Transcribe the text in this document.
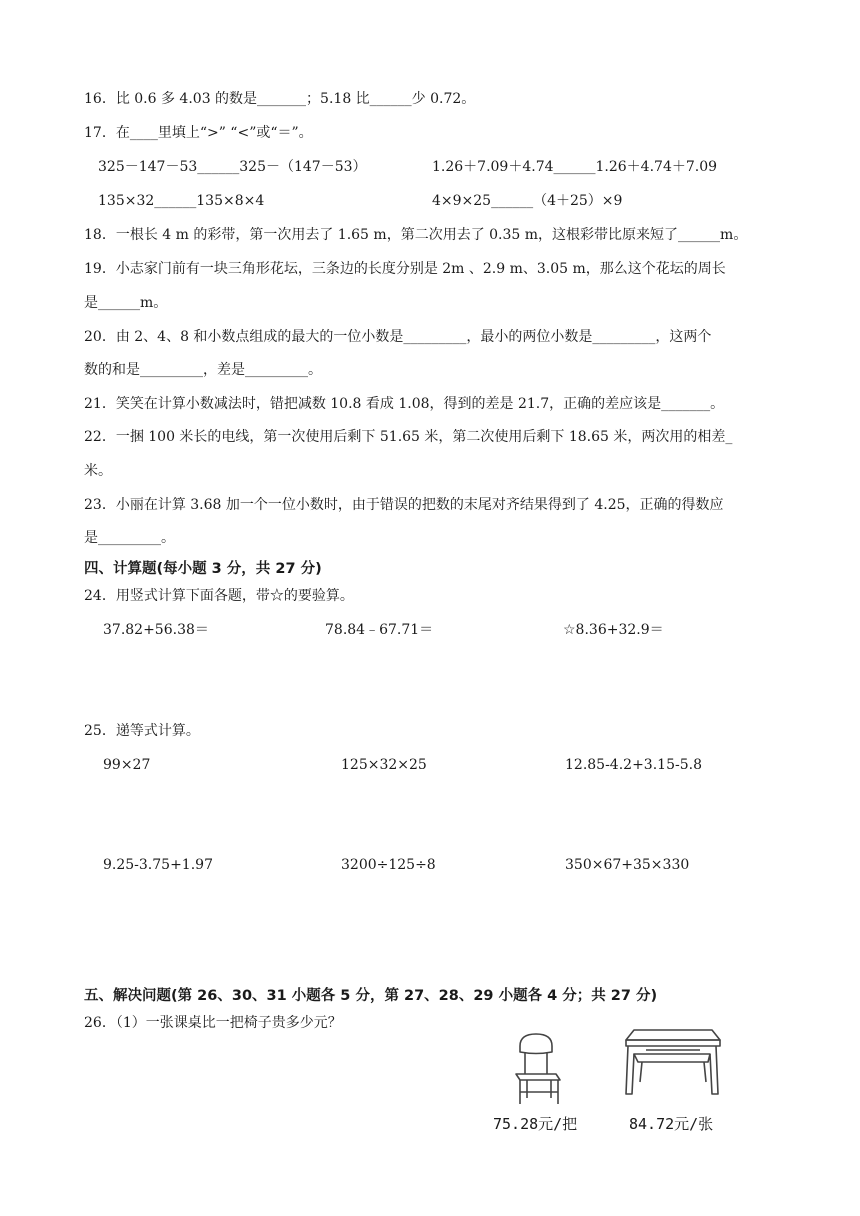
16．比 0.6 多 4.03 的数是_______；5.18 比______少 0.72。
17．在____里填上“>” “<”或“＝”。
325－147－53______325－（147－53）	1.26＋7.09＋4.74______1.26＋4.74＋7.09
135×32______135×8×4	4×9×25______（4＋25）×9
18．一根长 4 m 的彩带，第一次用去了 1.65 m，第二次用去了 0.35 m，这根彩带比原来短了______m。
19．小志家门前有一块三角形花坛，三条边的长度分别是 2m 、2.9 m、3.05 m，那么这个花坛的周长
是______m。
20．由 2、4、8 和小数点组成的最大的一位小数是_________，最小的两位小数是_________，这两个
数的和是_________，差是_________。
21．笑笑在计算小数减法时，错把减数 10.8 看成 1.08，得到的差是 21.7，正确的差应该是_______。
22．一捆 100 米长的电线，第一次使用后剩下 51.65 米，第二次使用后剩下 18.65 米，两次用的相差_
米。
23．小丽在计算 3.68 加一个一位小数时，由于错误的把数的末尾对齐结果得到了 4.25，正确的得数应
是_________。
四、计算题(每小题 3 分，共 27 分)
24．用竖式计算下面各题，带☆的要验算。
37.82+56.38＝	78.84﹣67.71＝	☆8.36+32.9＝
25．递等式计算。
99×27	125×32×25	12.85-4.2+3.15-5.8
9.25-3.75+1.97	3200÷125÷8	350×67+35×330
五、解决问题(第 26、30、31 小题各 5 分，第 27、28、29 小题各 4 分；共 27 分)
26．（1）一张课桌比一把椅子贵多少元？
75.28元/把	84.72元/张
